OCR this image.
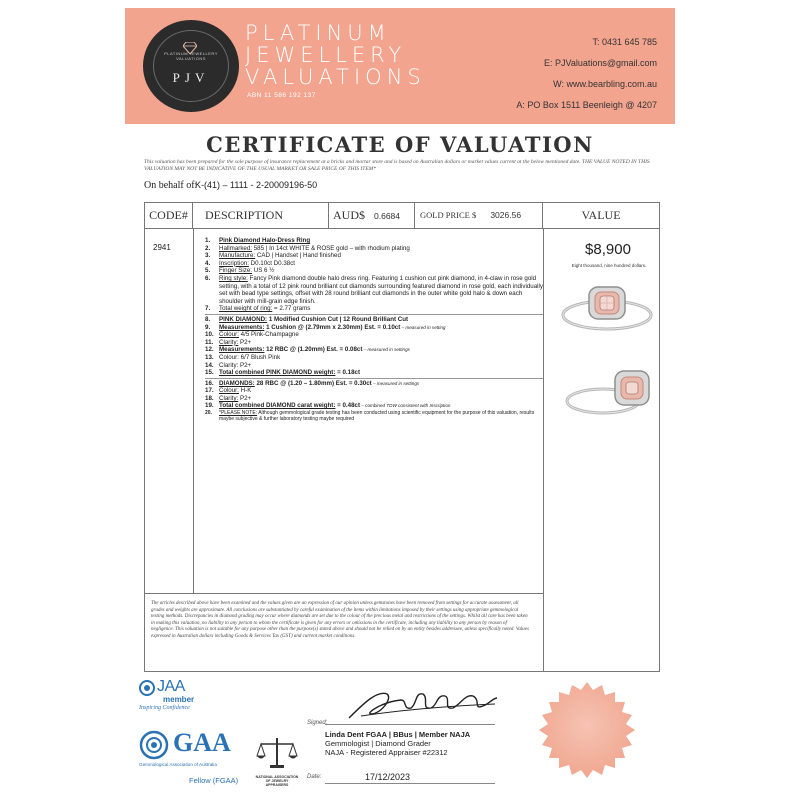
PLATINUM JEWELLERY VALUATIONS
PJV
PLATINUM
JEWELLERY
VALUATIONS
ABN 11 586 192 137
T: 0431 645 785
E: PJValuations@gmail.com
W: www.bearbling.com.au
A: PO Box 1511 Beenleigh @ 4207
CERTIFICATE OF VALUATION
This valuation has been prepared for the sole purpose of insurance replacement at a bricks and mortar store and is based on Australian dollars or market values current at the below mentioned date. THE VALUE NOTED IN THIS VALUATION MAY NOT BE INDICATIVE OF THE USUAL MARKET OR SALE PRICE OF THIS ITEM*
On behalf of:
K-(41) – 1111 - 2-20009196-50
CODE#	DESCRIPTION	AUD$ 0.6684	GOLD PRICE $ 3026.56	VALUE
2941
1. Pink Diamond Halo-Dress Ring
2. Hallmarked: 585 | In 14ct WHITE & ROSE gold – with rhodium plating
3. Manufacture: CAD | Handset | Hand finished
4. Inscription: D0.10ct D0.38ct
5. Finger Size: US 6 ½
6. Ring style: Fancy Pink diamond double halo dress ring. Featuring 1 cushion cut pink diamond, in 4-claw in rose gold setting, with a total of 12 pink round brilliant cut diamonds surrounding featured diamond in rose gold, each individually set with bead type settings, offset with 28 round brilliant cut diamonds in the outer white gold halo & down each shoulder with mill-grain edge finish.
7. Total weight of ring: = 2.77 grams
8. PINK DIAMOND: 1 Modified Cushion Cut | 12 Round Brilliant Cut
9. Measurements: 1 Cushion @ (2.79mm x 2.30mm) Est. = 0.10ct – measured in setting
10. Colour: 4/5 Pink-Champagne
11. Clarity: P2+
12. Measurements: 12 RBC @ (1.20mm) Est. = 0.08ct – measured in settings
13. Colour: 6/7 Blush Pink
14. Clarity: P2+
15. Total combined PINK DIAMOND weight: = 0.18ct
16. DIAMONDS: 28 RBC @ (1.20 – 1.80mm) Est. = 0.30ct – measured in settings
17. Colour: H-K
18. Clarity: P2+
19. Total combined DIAMOND carat weight: = 0.48ct – combined TDW consistent with Inscription
20. *PLEASE NOTE: Although gemmological grade testing has been conducted using scientific equipment for the purpose of this valuation, results maybe subjective & further laboratory testing maybe required
$8,900
Eight thousand, nine hundred dollars.
The articles described above have been examined and the values given are an expression of our opinion unless gemstones have been removed from settings for accurate assessment, all grades and weights are approximate. All conclusions are substantiated by careful examination of the items within limitations imposed by their settings using appropriate gemmological testing methods. Discrepancies in diamond grading may occur where diamonds are set due to the colour of the precious metal and restrictions of the settings. Whilst all care has been taken in making this valuation, no liability to any person to whom the certificate is given for any errors or omissions in the certificate, including any liability to any person by reason of negligence. This valuation is not suitable for any purpose other than the purpose(s) stated above and should not be relied on by an entity besides addressee, unless specifically noted. Values expressed in Australian dollars including Goods & Services Tax (GST) and current market conditions.
JAA
member
Inspiring Confidence
GAA
Gemmological Association of Australia
Fellow (FGAA)	NATIONAL ASSOCIATION OF JEWELRY APPRAISERS
Signed:
Linda Dent FGAA | BBus | Member NAJA
Gemmologist | Diamond Grader
NAJA - Registered Appraiser #22312
Date:	17/12/2023
